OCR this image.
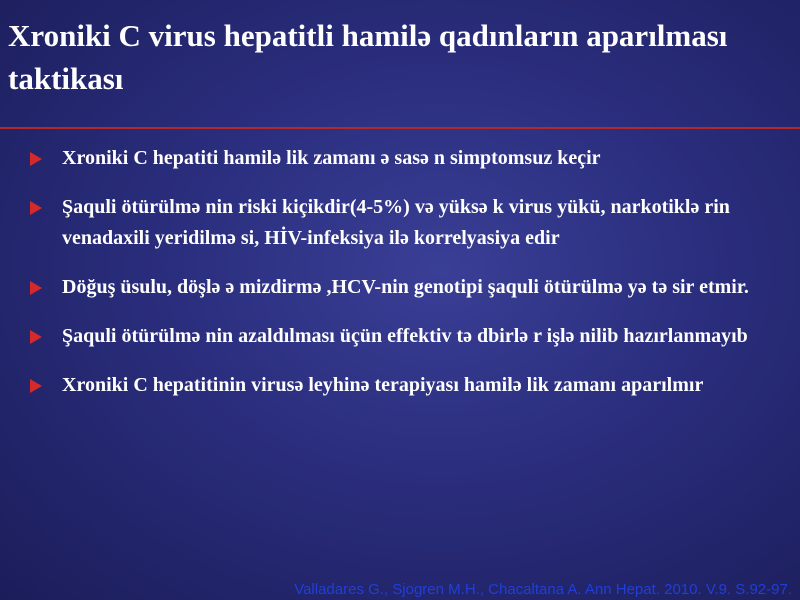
Xroniki C virus hepatitli hamilә qadınların aparılması taktikası
Xroniki C hepatiti hamilә lik zamanı ә sasә n simptomsuz keçir
Şaquli ötürülmә nin riski kiçikdir(4-5%) vә yüksә k virus yükü, narkotiklә rin venadaxili yeridilmә si, HİV-infeksiya ilә korrelyasiya edir
Döğuş üsulu, döşlә ә mizdirmә ,HCV-nin genotipi şaquli ötürülmә yә tә sir etmir.
Şaquli ötürülmә nin azaldılması üçün effektiv tә dbirlә r işlә nilib hazırlanmayıb
Xroniki C hepatitinin virusә leyhinә terapiyası hamilә lik zamanı aparılmır
Valladares G., Sjogren M.H., Chacaltana A. Ann Hepat. 2010. V.9. S.92-97.
